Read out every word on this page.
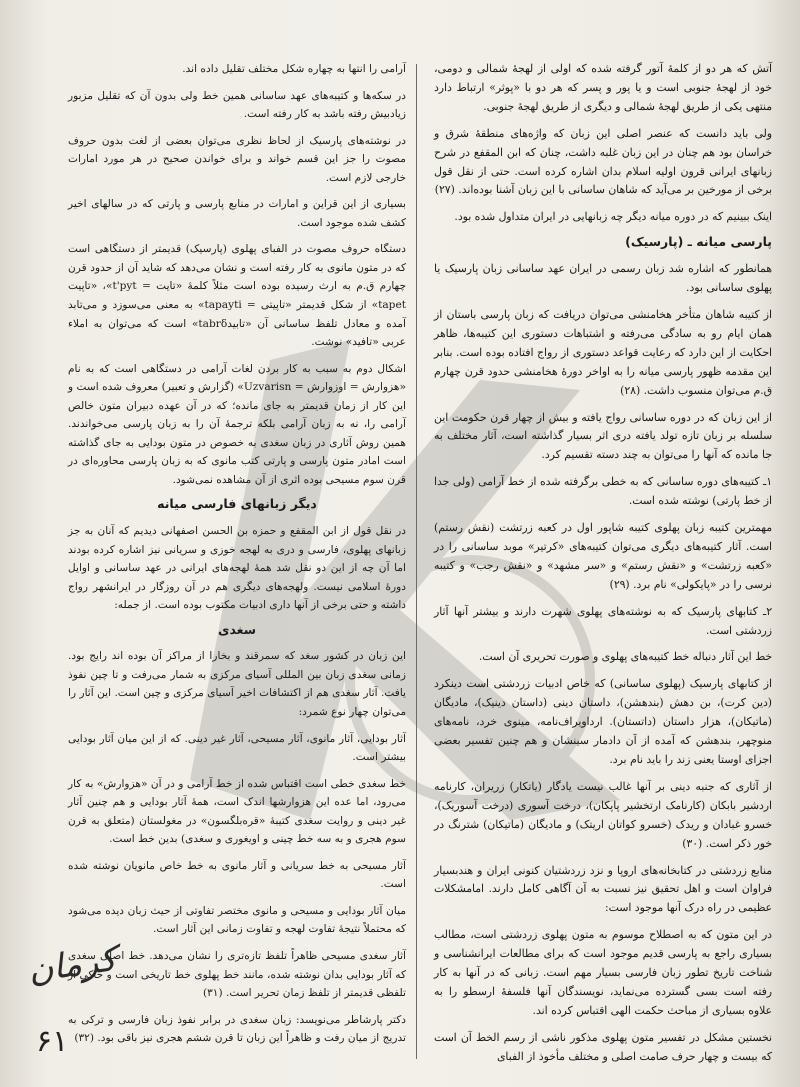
آتش که هر دو از کلمهٔ آتور گرفته شده که اولی از لهجهٔ شمالی و دومی، خود از لهجهٔ جنوبی است و یا پور و پسر که هر دو با «پوثر» ارتباط دارد منتهی یکی از طریق لهجهٔ شمالی و دیگری از طریق لهجهٔ جنوبی.

ولی باید دانست که عنصر اصلی این زبان که واژه‌های منطقهٔ شرق و خراسان بود هم چنان در این زبان غلبه داشت، چنان که ابن المقفع در شرح زبانهای ایرانی قرون اولیه اسلام بدان اشاره کرده است. حتی از نقل قول برخی از مورخین بر می‌آید که شاهان ساسانی با این زبان آشنا بوده‌اند. (۲۷)

اینک ببینیم که در دوره میانه دیگر چه زبانهایی در ایران متداول شده بود.

پارسی میانه ـ (پارسیک)

همانطور که اشاره شد زبان رسمی در ایران عهد ساسانی زبان پارسیک یا پهلوی ساسانی بود.

از کتیبه شاهان متأخر هخامنشی می‌توان دریافت که زبان پارسی باستان از همان ایام رو به سادگی می‌رفته و اشتباهات دستوری این کتیبه‌ها، ظاهر احکایت از این دارد که رعایت قواعد دستوری از رواج افتاده بوده است. بنابر این مقدمه ظهور پارسی میانه را به اواخر دورهٔ هخامنشی حدود قرن چهارم ق.م می‌توان منسوب داشت. (۲۸)

از این زبان که در دوره ساسانی رواج یافته و بیش از چهار قرن حکومت این سلسله بر زبان تازه تولد یافته دری اثر بسیار گذاشته است، آثار مختلف به جا مانده که آنها را می‌توان به چند دسته تقسیم کرد.

۱ـ کتیبه‌های دوره ساسانی که به خطی برگرفته شده از خط آرامی (ولی جدا از خط پارتی) نوشته شده است.

مهمترین کتیبه زبان پهلوی کتیبه شاپور اول در کعبه زرتشت (نقش رستم) است. آثار کتیبه‌های دیگری می‌توان کتیبه‌های «کرتیر» موبد ساسانی را در «کعبه زرتشت» و «نقش رستم» و «سر مشهد» و «نقش رجب» و کتیبه نرسی را در «پایکولی» نام برد. (۲۹)

۲ـ کتابهای پارسیک که به نوشته‌های پهلوی شهرت دارند و بیشتر آنها آثار زردشتی است.

خط این آثار دنباله خط کتیبه‌های پهلوی و صورت تحریری آن است.

از کتابهای پارسیک (پهلوی ساسانی) که خاص ادبیات زردشتی است دینکرد (دین کرت)، بن دهش (بندهشن)، داستان دینی (داستان دینیک)، ماديگان (ماتیکان)، هزار داستان (داتستان). ارداویراف‌نامه، مینوی خرد، نامه‌های منوچهر، بندهشن که آمده از آن دادمار سینشان و هم چنین تفسیر بعضی اجزای اوستا یعنی زند را باید نام برد.

از آثاری که جنبه دینی بر آنها غالب نیست یادگار (یاتکار) زریران، کارنامه اردشیر بابکان (کارنامک ارتخشیر پاپکان)، درخت آسوری (درخت آسوریک)، خسرو غبادان و ریدک (خسرو کواتان اریتک) و مادیگان (ماتیکان) شترنگ در خور ذکر است. (۳۰)

منابع زردشتی در کتابخانه‌های اروپا و نزد زردشتیان کنونی ایران و هندبسیار فراوان است و اهل تحقیق نیز نسبت به آن آگاهی کامل دارند. امامشکلات عظیمی در راه درک آنها موجود است:

در این متون که به اصطلاح موسوم به متون پهلوی زردشتی است، مطالب بسیاری راجع به پارسی قدیم موجود است که برای مطالعات ایرانشناسی و شناخت تاریخ تطور زبان فارسی بسیار مهم است. زبانی که در آنها به کار رفته است بسی گسترده می‌نماید، نویسندگان آنها فلسفهٔ ارسطو را به علاوه بسیاری از مباحث حکمت الهی اقتباس کرده اند.

نخستین مشکل در تفسیر متون پهلوی مذکور ناشی از رسم الخط آن است که بیست و چهار حرف صامت اصلی و مختلف مأخوذ از الفبای

آرامی را انتها به چهاره شکل مختلف تقلیل داده اند.

در سکه‌ها و کتیبه‌های عهد ساسانی همین خط ولی بدون آن که تقلیل مزبور زیادبیش رفته باشد به کار رفته است.

در نوشته‌های پارسیک از لحاظ نظری می‌توان بعضی از لغت بدون حروف مصوت را جز این قسم خواند و برای خواندن صحیح در هر مورد امارات خارجی لازم است.

بسیاری از این قراین و امارات در منابع پارسی و پارتی که در سالهای اخیر کشف شده موجود است.

دستگاه حروف مصوت در الفبای پهلوی (پارسیک) قدیمتر از دستگاهی است که در متون مانوی به کار رفته است و نشان می‌دهد که شاید آن از حدود قرن چهارم ق.م به ارث رسیده بوده است مثلاً کلمهٔ «تایت = t'pyt»، «تاپیت tapet» از شکل قدیمتر «تاپیتی = tapayti» به معنی می‌سوزد و می‌تابد آمده و معادل تلفظ ساسانی آن «تابیدtabrδ» است که می‌توان به املاء عربی «تافید» نوشت.

اشکال دوم به سبب به کار بردن لغات آرامی در دستگاهی است که به نام «هزوارش = اوزوارش = Uzvarisn» (گزارش و تعبیر) معروف شده است و این کار از زمان قدیمتر به جای مانده؛ که در آن عهده دبیران متون خالص آرامی را، نه به زبان آرامی بلکه ترجمهٔ آن را به زبان پارسی می‌خواندند. همین روش آثاری در زبان سغدی به خصوص در متون بودایی به جای گذاشته است امادر متون پارسی و پارتی کتب مانوی که به زبان پارسی محاوره‌ای در قرن سوم مسیحی بوده اثری از آن مشاهده نمی‌شود.

دیگر زبانهای فارسی میانه

در نقل قول از ابن المقفع و حمزه بن الحسن اصفهانی دیدیم که آنان به جز زبانهای پهلوی، فارسی و دری به لهجه خوزی و سریانی نیز اشاره کرده بودند اما آن چه از این دو نقل شد همهٔ لهجه‌های ایرانی در عهد ساسانی و اوایل دورهٔ اسلامی نیست. ولهجه‌های دیگری هم در آن روزگار در ایرانشهر رواج داشته و حتی برخی از آنها داری ادبیات مکتوب بوده است. از جمله:

سغدی

این زبان در کشور سغد که سمرقند و بخارا از مراکز آن بوده اند رایج بود. زمانی سغدی زبان بین المللی آسیای مرکزی به شمار می‌رفت و تا چین نفوذ یافت. آثار سغدی هم از اکتشافات اخیر آسیای مرکزی و چین است. این آثار را می‌توان چهار نوع شمرد:

آثار بودایی، آثار مانوی، آثار مسیحی، آثار غیر دینی. که از این میان آثار بودایی بیشتر است.

خط سغدی خطی است اقتباس شده از خط آرامی و در آن «هزوارش» به کار می‌رود، اما عده این هزوارشها اندک است، همهٔ آثار بودایی و هم چنین آثار غیر دینی و روایت سغدی کتیبهٔ «قره‌بلگسون» در مغولستان (متعلق به قرن سوم هجری و به سه خط چینی و اویغوری و سغدی) بدین خط است.

آثار مسیحی به خط سریانی و آثار مانوی به خط خاص مانویان نوشته شده است.

میان آثار بودایی و مسیحی و مانوی مختصر تفاوتی از حیث زبان دیده می‌شود که محتملاً نتیجهٔ تفاوت لهجه و تفاوت زمانی این آثار است.

آثار سغدی مسیحی ظاهراً تلفظ تازه‌تری را نشان می‌دهد. خط اصلی سغدی که آثار بودایی بدان نوشته شده، مانند خط پهلوی خط تاریخی است و حاکی از تلفظی قدیمتر از تلفظ زمان تحریر است. (۳۱)

دکتر پارشاطر می‌نویسد: زبان سغدی در برابر نفوذ زبان فارسی و ترکی به تدریج از میان رفت و ظاهراً این زبان تا قرن ششم هجری نیز باقی بود. (۳۲)

کرمان
۶۱
